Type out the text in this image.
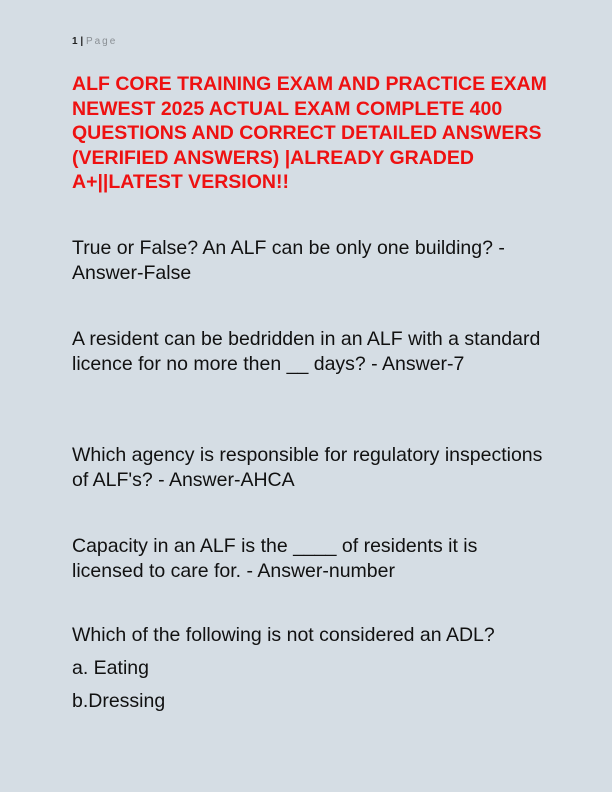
1 | Page
ALF CORE TRAINING EXAM AND PRACTICE EXAM NEWEST 2025 ACTUAL EXAM COMPLETE 400 QUESTIONS AND CORRECT DETAILED ANSWERS (VERIFIED ANSWERS) |ALREADY GRADED A+||LATEST VERSION!!

True or False? An ALF can be only one building? - Answer-False

A resident can be bedridden in an ALF with a standard licence for no more then __ days? - Answer-7

Which agency is responsible for regulatory inspections of ALF's? - Answer-AHCA

Capacity in an ALF is the ____ of residents it is licensed to care for. - Answer-number

Which of the following is not considered an ADL?

a. Eating

b.Dressing
